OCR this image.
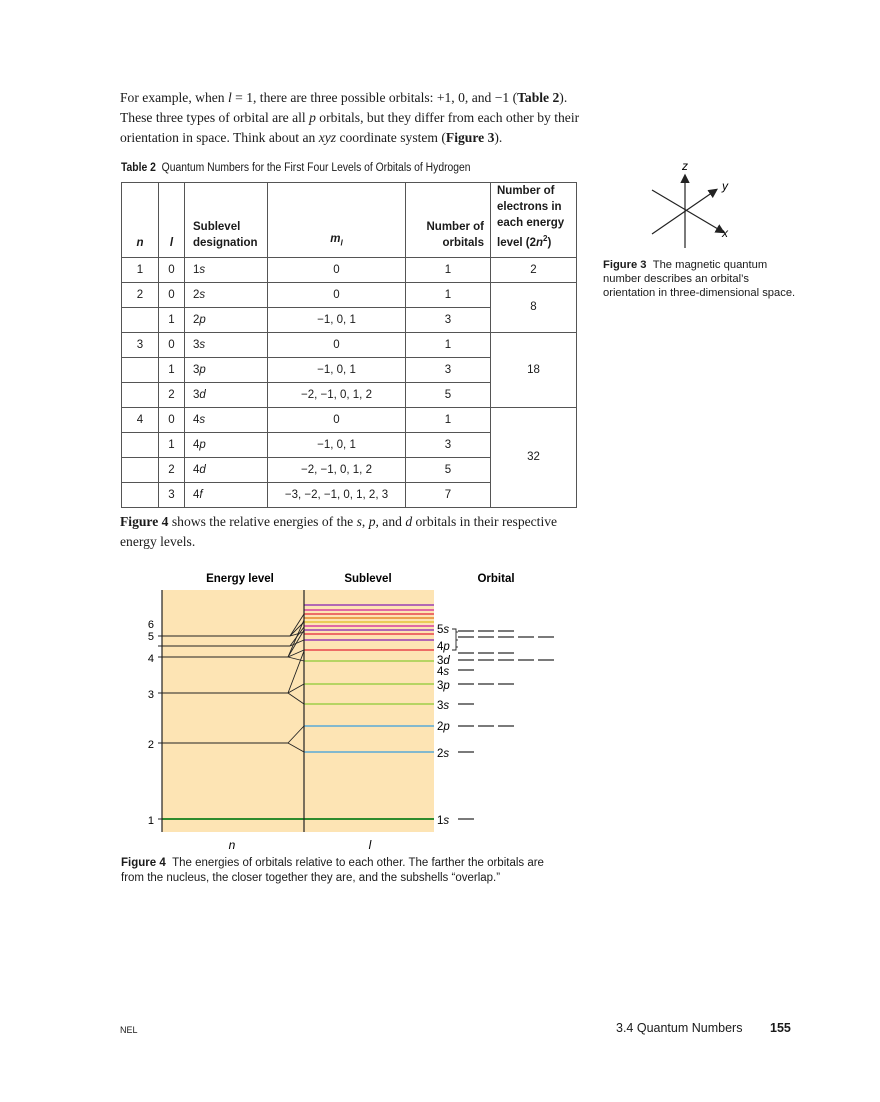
For example, when l = 1, there are three possible orbitals: +1, 0, and −1 (Table 2). These three types of orbital are all p orbitals, but they differ from each other by their orientation in space. Think about an xyz coordinate system (Figure 3).

Table 2 Quantum Numbers for the First Four Levels of Orbitals of Hydrogen
n	l	Sublevel designation	$m_l$	Number of orbitals	Number of electrons in each energy level $(2n^2)$
1	0	1s	0	1	2
2	0	2s	0	1	8
	1	2p	−1, 0, 1	3	
3	0	3s	0	1	18
	1	3p	−1, 0, 1	3	
	2	3d	−2, −1, 0, 1, 2	5	
4	0	4s	0	1	32
	1	4p	−1, 0, 1	3	
	2	4d	−2, −1, 0, 1, 2	5	
	3	4f	−3, −2, −1, 0, 1, 2, 3	7	
z
y
x
Figure 3 The magnetic quantum number describes an orbital’s orientation in three-dimensional space.

Figure 4 shows the relative energies of the s, p, and d orbitals in their respective energy levels.

Energy level	Sublevel	Orbital
6
5
4
3
2
1
n	l
5s
4p
3d
4s
3p
3s
2p
2s
1s
Figure 4 The energies of orbitals relative to each other. The farther the orbitals are from the nucleus, the closer together they are, and the subshells “overlap.”
NEL	3.4 Quantum Numbers 155
